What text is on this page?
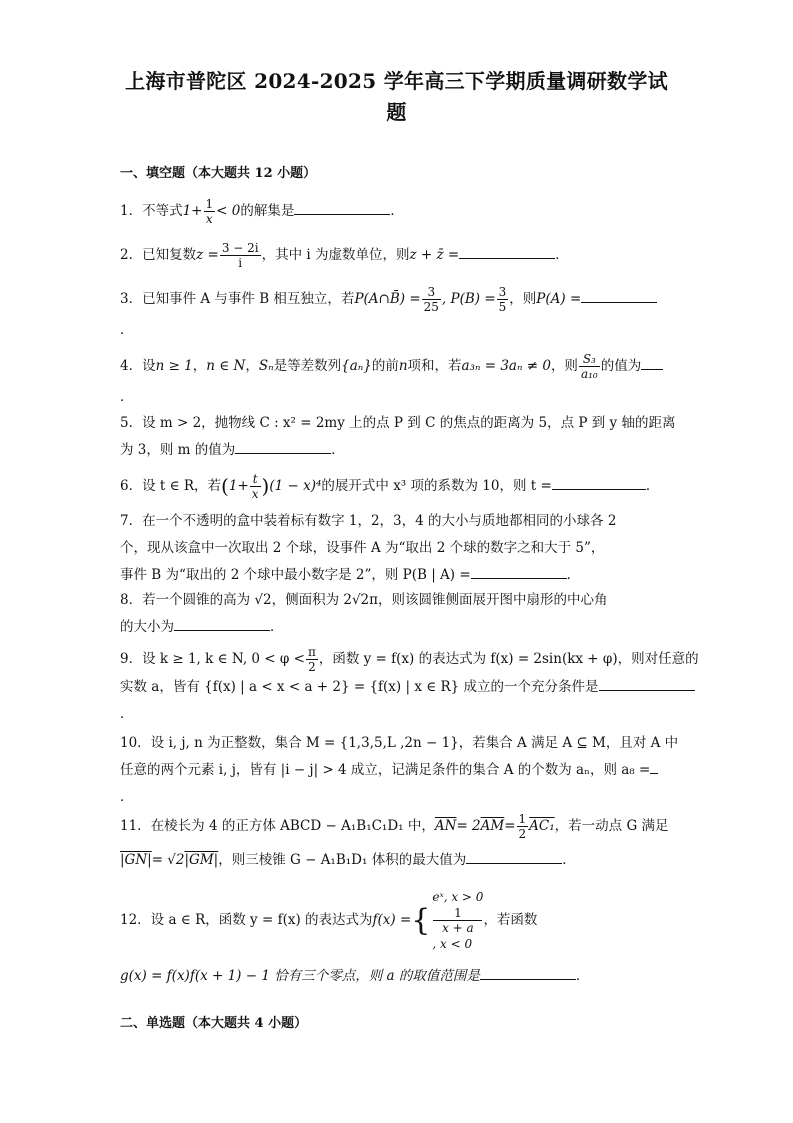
上海市普陀区 2024-2025 学年高三下学期质量调研数学试
题
一、填空题（本大题共 12 小题）
1．不等式$1+ \frac{1}{x} < 0$的解集是	．
2．已知复数$z = \frac{3 - 2i}{i}$ ，其中 i 为虚数单位，则z + z̄ =	．
3．已知事件 A 与事件 B 相互独立，若P(A∩B̄) = $\frac{3}{25}$ , $P(B) = \frac{3}{5}$ ，则P(A) =
．
4．设n ≥ 1，n ∈ N，Sₙ是等差数列{aₙ}的前n项和，若a₃ₙ = 3aₙ ≠ 0，则 $\frac{\text{S₃}}{\text{a₁₀}}$ 的值为
．
5．设 m > 2，抛物线 C : x² = 2my 上的点 P 到 C 的焦点的距离为 5，点 P 到 y 轴的距离
为 3，则 m 的值为	．
6．设 t ∈ R，若$(1+ \frac{t}{x} )(1 - x)^4$的展开式中 x³ 项的系数为 10，则 t =	．
7．在一个不透明的盒中装着标有数字 1，2，3，4 的大小与质地都相同的小球各 2
个，现从该盒中一次取出 2 个球，设事件 A 为“取出 2 个球的数字之和大于 5”，
事件 B 为“取出的 2 个球中最小数字是 2”，则 P(B | A) =	．
8．若一个圆锥的高为 √2，侧面积为 2√2π，则该圆锥侧面展开图中扇形的中心角
的大小为	．
9．设 k ≥ 1, k ∈ N, $0 < \varphi < \frac{\pi}{2}$ ，函数 y = f(x) 的表达式为 f(x) = 2sin(kx + φ)，则对任意的
实数 a，皆有 {f(x) | a < x < a + 2} = {f(x) | x ∈ R} 成立的一个充分条件是
．
10．设 i, j, n 为正整数，集合 M = {1,3,5,L ,2n − 1}，若集合 A 满足 A ⊆ M，且对 A 中
任意的两个元素 i, j，皆有 |i − j| > 4 成立，记满足条件的集合 A 的个数为 aₙ，则 a₈ =
．
11．在棱长为 4 的正方体 ABCD − A₁B₁C₁D₁ 中，$\overline{AN}= 2\overline{AM}= \frac{1}{2} AC_1$，若一动点 G 满足
|GN|= √2|GM|，则三棱锥 G − A₁B₁D₁ 体积的最大值为	．
12．设 a ∈ R，函数 y = f(x) 的表达式为f(x) ={
eˣ, x > 0
1
x + a
, x < 0
，若函数
g(x) = f(x)f(x + 1) − 1 恰有三个零点，则 a 的取值范围是	．
二、单选题（本大题共 4 小题）
